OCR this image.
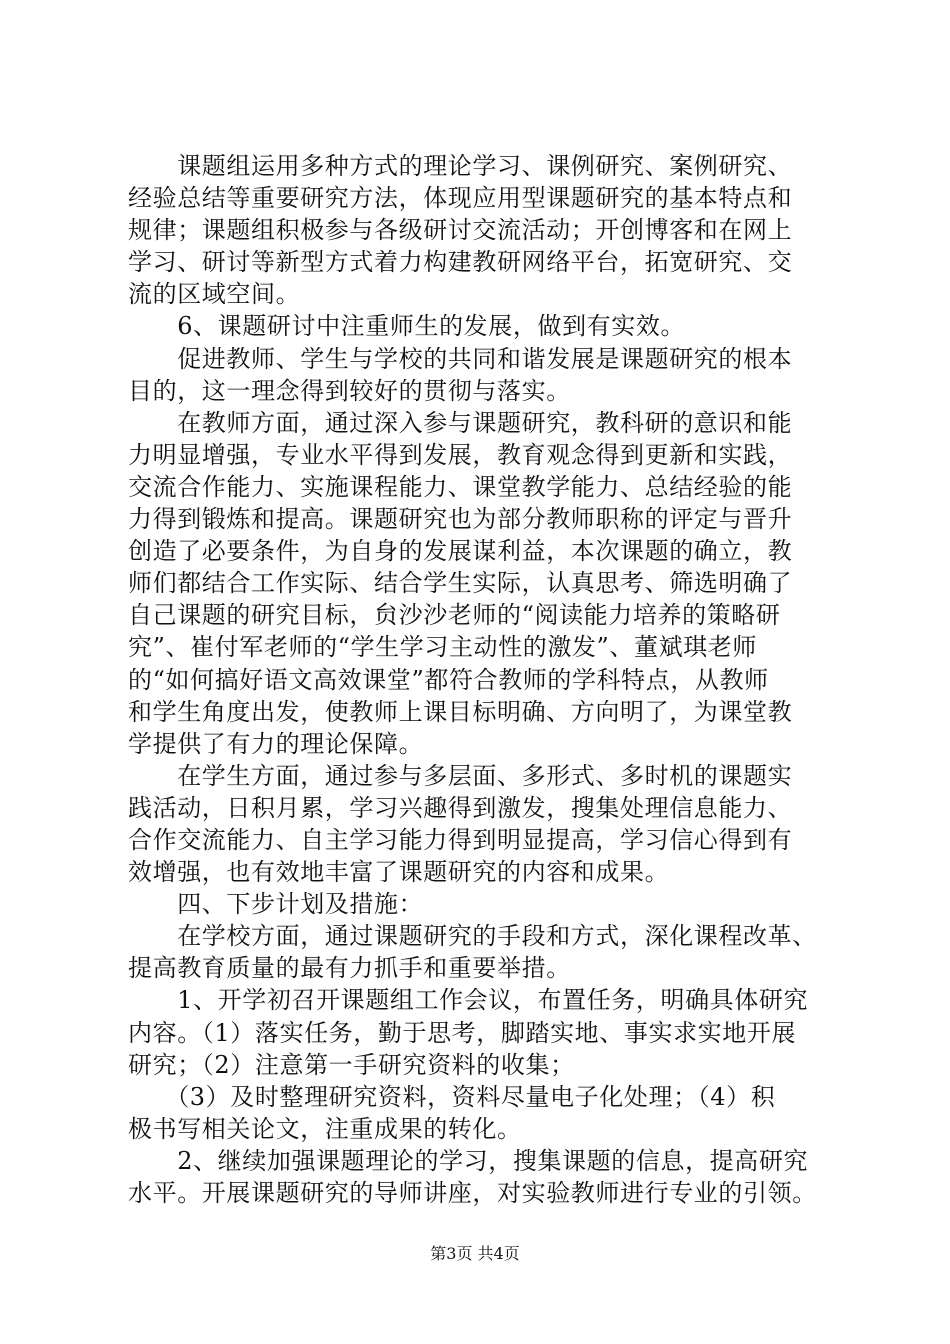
　　课题组运用多种方式的理论学习、课例研究、案例研究、
经验总结等重要研究方法，体现应用型课题研究的基本特点和
规律；课题组积极参与各级研讨交流活动；开创博客和在网上
学习、研讨等新型方式着力构建教研网络平台，拓宽研究、交
流的区域空间。
　　6、课题研讨中注重师生的发展，做到有实效。
　　促进教师、学生与学校的共同和谐发展是课题研究的根本
目的，这一理念得到较好的贯彻与落实。
　　在教师方面，通过深入参与课题研究，教科研的意识和能
力明显增强，专业水平得到发展，教育观念得到更新和实践，
交流合作能力、实施课程能力、课堂教学能力、总结经验的能
力得到锻炼和提高。课题研究也为部分教师职称的评定与晋升
创造了必要条件，为自身的发展谋利益，本次课题的确立，教
师们都结合工作实际、结合学生实际，认真思考、筛选明确了
自己课题的研究目标，贠沙沙老师的“阅读能力培养的策略研
究”、崔付军老师的“学生学习主动性的激发”、董斌琪老师
的“如何搞好语文高效课堂”都符合教师的学科特点，从教师
和学生角度出发，使教师上课目标明确、方向明了，为课堂教
学提供了有力的理论保障。
　　在学生方面，通过参与多层面、多形式、多时机的课题实
践活动，日积月累，学习兴趣得到激发，搜集处理信息能力、
合作交流能力、自主学习能力得到明显提高，学习信心得到有
效增强，也有效地丰富了课题研究的内容和成果。
　　四、下步计划及措施：
　　在学校方面，通过课题研究的手段和方式，深化课程改革、
提高教育质量的最有力抓手和重要举措。
　　1、开学初召开课题组工作会议，布置任务，明确具体研究
内容。（1）落实任务，勤于思考，脚踏实地、事实求实地开展
研究；（2）注意第一手研究资料的收集；
　　（3）及时整理研究资料，资料尽量电子化处理；（4）积
极书写相关论文，注重成果的转化。
　　2、继续加强课题理论的学习，搜集课题的信息，提高研究
水平。开展课题研究的导师讲座，对实验教师进行专业的引领。
第3页 共4页
